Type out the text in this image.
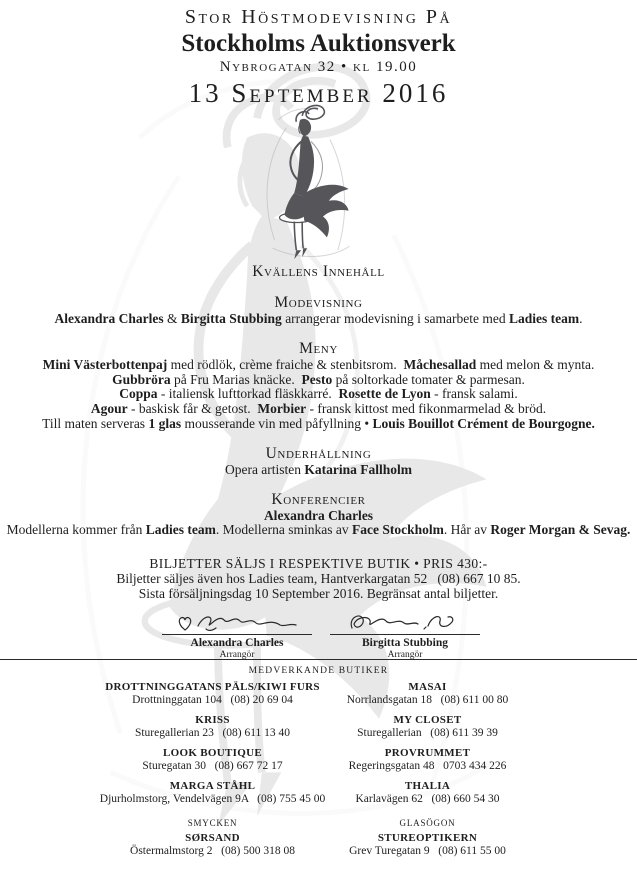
Stor Höstmodevisning På
Stockholms Auktionsverk
Nybrogatan 32 • kl 19.00
13 September 2016
Kvällens Innehåll
Modevisning
Alexandra Charles & Birgitta Stubbing arrangerar modevisning i samarbete med Ladies team.
Meny
Mini Västerbottenpaj med rödlök, crème fraiche & stenbitsrom.  Måchesallad med melon & mynta.
Gubbröra på Fru Marias knäcke.  Pesto på soltorkade tomater & parmesan.
Coppa - italiensk lufttorkad fläskkarré.  Rosette de Lyon - fransk salami.
Agour - baskisk får & getost.  Morbier - fransk kittost med fikonmarmelad & bröd.
Till maten serveras 1 glas mousserande vin med påfyllning • Louis Bouillot Crément de Bourgogne.
Underhållning
Opera artisten Katarina Fallholm
Konferencier
Alexandra Charles
Modellerna kommer från Ladies team. Modellerna sminkas av Face Stockholm. Hår av Roger Morgan & Sevag.
BILJETTER SÄLJS I RESPEKTIVE BUTIK • PRIS 430:-
Biljetter säljes även hos Ladies team, Hantverkargatan 52   (08) 667 10 85.
Sista försäljningsdag 10 September 2016. Begränsat antal biljetter.
Alexandra Charles
Arrangör
Birgitta Stubbing
Arrangör
MEDVERKANDE BUTIKER
DROTTNINGGATANS PÄLS/KIWI FURS
Drottninggatan 104   (08) 20 69 04
KRISS
Sturegallerian 23   (08) 611 13 40
LOOK BOUTIQUE
Sturegatan 30   (08) 667 72 17
MARGA STÅHL
Djurholmstorg, Vendelvägen 9A   (08) 755 45 00
SMYCKEN
SØRSAND
Östermalmstorg 2   (08) 500 318 08
MASAI
Norrlandsgatan 18   (08) 611 00 80
MY CLOSET
Sturegallerian   (08) 611 39 39
PROVRUMMET
Regeringsgatan 48   0703 434 226
THALIA
Karlavägen 62   (08) 660 54 30
GLASÖGON
STUREOPTIKERN
Grev Turegatan 9   (08) 611 55 00
